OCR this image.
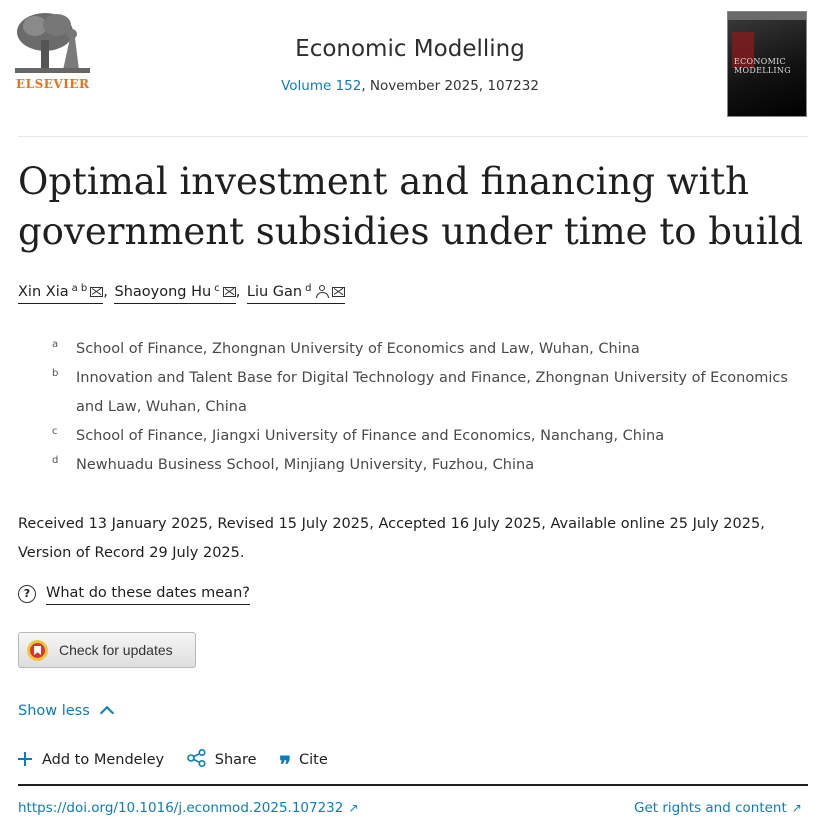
ELSEVIER
Economic Modelling
Volume 152, November 2025, 107232
ECONOMIC MODELLING
Optimal investment and financing with government subsidies under time to build
Xin Xia $^{a b}$ , Shaoyong Hu $^c$ , Liu Gan $^d$
a School of Finance, Zhongnan University of Economics and Law, Wuhan, China
b Innovation and Talent Base for Digital Technology and Finance, Zhongnan University of Economics and Law, Wuhan, China
c School of Finance, Jiangxi University of Finance and Economics, Nanchang, China
d Newhuadu Business School, Minjiang University, Fuzhou, China
Received 13 January 2025, Revised 15 July 2025, Accepted 16 July 2025, Available online 25 July 2025, Version of Record 29 July 2025.
? What do these dates mean?
Check for updates
Show less
Add to Mendeley	Share ❞ Cite
https://doi.org/10.1016/j.econmod.2025.107232 ↗	Get rights and content ↗
